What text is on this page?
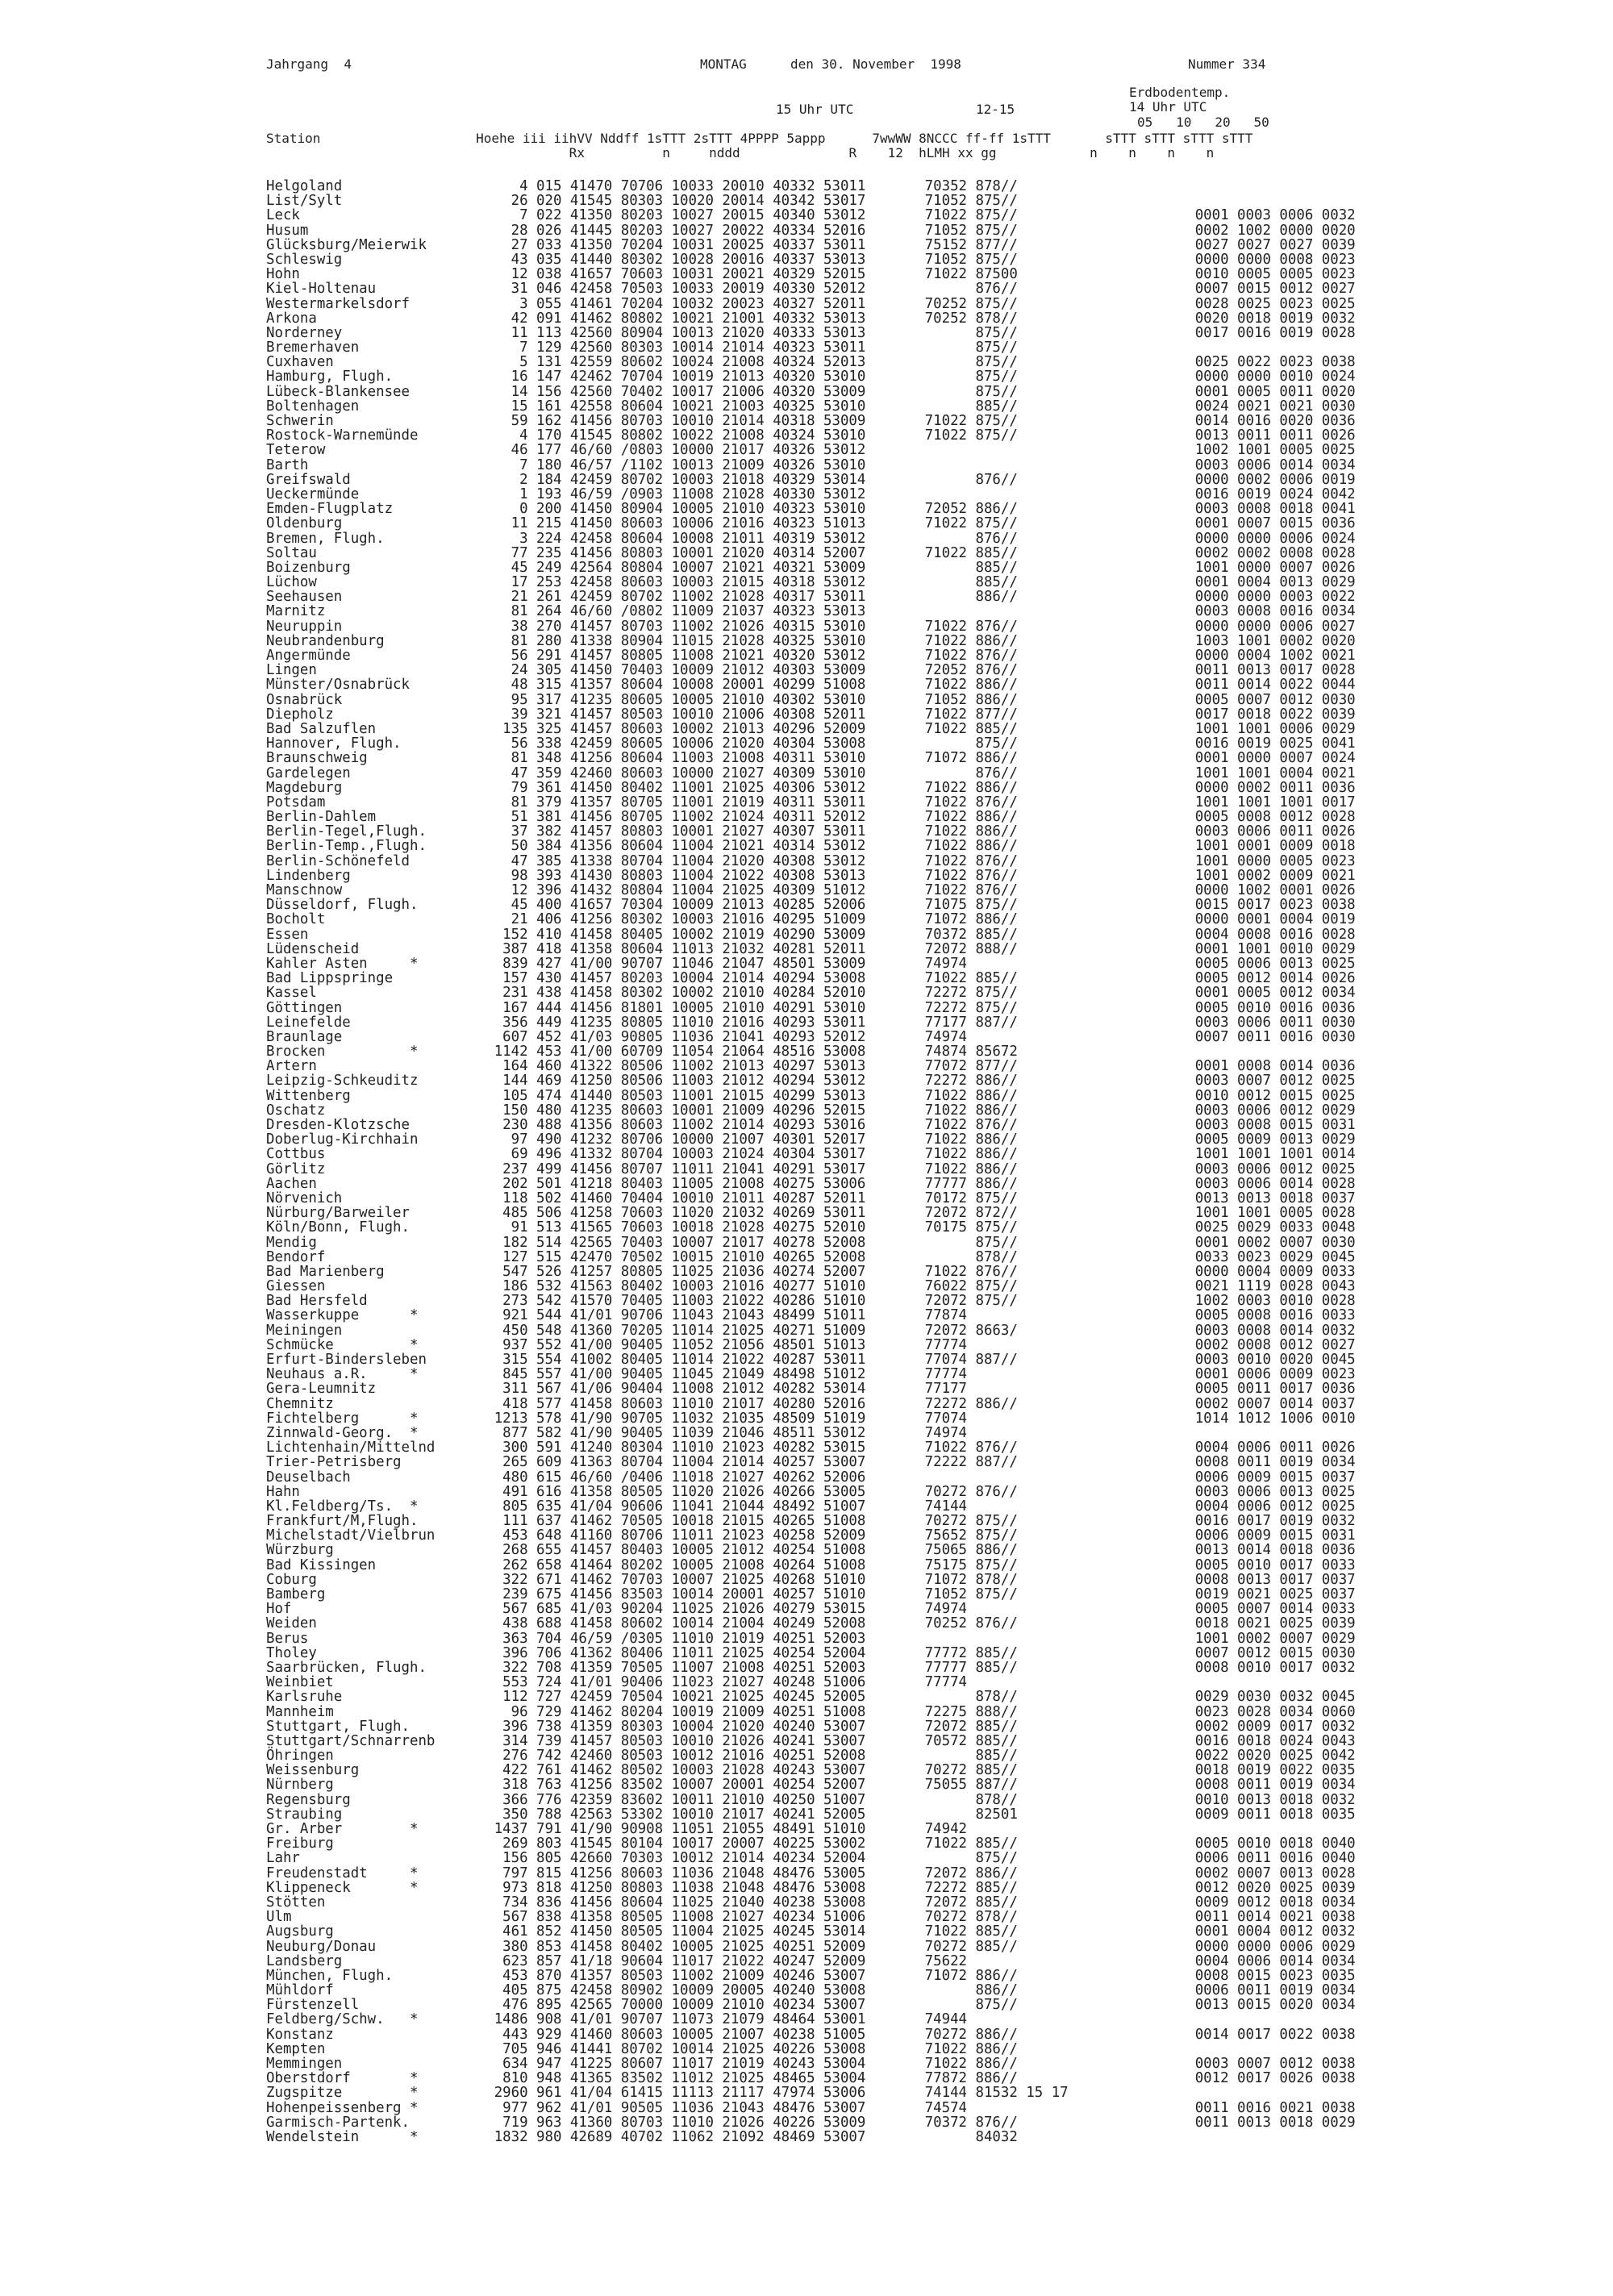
Jahrgang  4	MONTAG	den 30. November  1998	Nummer 334
Erdbodentemp.
15 Uhr UTC	12-15	14 Uhr UTC
05   10   20   50
Station                    Hoehe iii iihVV Nddff 1sTTT 2sTTT 4PPPP 5appp      7wwWW 8NCCC ff-ff 1sTTT       sTTT sTTT sTTT sTTT
Rx          n     nddd              R    12  hLMH xx gg            n    n    n    n
Helgoland                     4 015 41470 70706 10033 20010 40332 53011       70352 878//
List/Sylt                    26 020 41545 80303 10020 20014 40342 53017       71052 875//
Leck                          7 022 41350 80203 10027 20015 40340 53012       71022 875//                     0001 0003 0006 0032
Husum                        28 026 41445 80203 10027 20022 40334 52016       71052 875//                     0002 1002 0000 0020
Glücksburg/Meierwik          27 033 41350 70204 10031 20025 40337 53011       75152 877//                     0027 0027 0027 0039
Schleswig                    43 035 41440 80302 10028 20016 40337 53013       71052 875//                     0000 0000 0008 0023
Hohn                         12 038 41657 70603 10031 20021 40329 52015       71022 87500                     0010 0005 0005 0023
Kiel-Holtenau                31 046 42458 70503 10033 20019 40330 52012             876//                     0007 0015 0012 0027
Westermarkelsdorf             3 055 41461 70204 10032 20023 40327 52011       70252 875//                     0028 0025 0023 0025
Arkona                       42 091 41462 80802 10021 21001 40332 53013       70252 878//                     0020 0018 0019 0032
Norderney                    11 113 42560 80904 10013 21020 40333 53013             875//                     0017 0016 0019 0028
Bremerhaven                   7 129 42560 80303 10014 21014 40323 53011             875//
Cuxhaven                      5 131 42559 80602 10024 21008 40324 52013             875//                     0025 0022 0023 0038
Hamburg, Flugh.              16 147 42462 70704 10019 21013 40320 53010             875//                     0000 0000 0010 0024
Lübeck-Blankensee            14 156 42560 70402 10017 21006 40320 53009             875//                     0001 0005 0011 0020
Boltenhagen                  15 161 42558 80604 10021 21003 40325 53010             885//                     0024 0021 0021 0030
Schwerin                     59 162 41456 80703 10010 21014 40318 53009       71022 875//                     0014 0016 0020 0036
Rostock-Warnemünde            4 170 41545 80802 10022 21008 40324 53010       71022 875//                     0013 0011 0011 0026
Teterow                      46 177 46/60 /0803 10000 21017 40326 53012                                       1002 1001 0005 0025
Barth                         7 180 46/57 /1102 10013 21009 40326 53010                                       0003 0006 0014 0034
Greifswald                    2 184 42459 80702 10003 21018 40329 53014             876//                     0000 0002 0006 0019
Ueckermünde                   1 193 46/59 /0903 11008 21028 40330 53012                                       0016 0019 0024 0042
Emden-Flugplatz               0 200 41450 80904 10005 21010 40323 53010       72052 886//                     0003 0008 0018 0041
Oldenburg                    11 215 41450 80603 10006 21016 40323 51013       71022 875//                     0001 0007 0015 0036
Bremen, Flugh.                3 224 42458 80604 10008 21011 40319 53012             876//                     0000 0000 0006 0024
Soltau                       77 235 41456 80803 10001 21020 40314 52007       71022 885//                     0002 0002 0008 0028
Boizenburg                   45 249 42564 80804 10007 21021 40321 53009             885//                     1001 0000 0007 0026
Lüchow                       17 253 42458 80603 10003 21015 40318 53012             885//                     0001 0004 0013 0029
Seehausen                    21 261 42459 80702 11002 21028 40317 53011             886//                     0000 0000 0003 0022
Marnitz                      81 264 46/60 /0802 11009 21037 40323 53013                                       0003 0008 0016 0034
Neuruppin                    38 270 41457 80703 11002 21026 40315 53010       71022 876//                     0000 0000 0006 0027
Neubrandenburg               81 280 41338 80904 11015 21028 40325 53010       71022 886//                     1003 1001 0002 0020
Angermünde                   56 291 41457 80805 11008 21021 40320 53012       71022 876//                     0000 0004 1002 0021
Lingen                       24 305 41450 70403 10009 21012 40303 53009       72052 876//                     0011 0013 0017 0028
Münster/Osnabrück            48 315 41357 80604 10008 20001 40299 51008       71022 886//                     0011 0014 0022 0044
Osnabrück                    95 317 41235 80605 10005 21010 40302 53010       71052 886//                     0005 0007 0012 0030
Diepholz                     39 321 41457 80503 10010 21006 40308 52011       71022 877//                     0017 0018 0022 0039
Bad Salzuflen               135 325 41457 80603 10002 21013 40296 52009       71022 885//                     1001 1001 0006 0029
Hannover, Flugh.             56 338 42459 80605 10006 21020 40304 53008             875//                     0016 0019 0025 0041
Braunschweig                 81 348 41256 80604 11003 21008 40311 53010       71072 886//                     0001 0000 0007 0024
Gardelegen                   47 359 42460 80603 10000 21027 40309 53010             876//                     1001 1001 0004 0021
Magdeburg                    79 361 41450 80402 11001 21025 40306 53012       71022 886//                     0000 0002 0011 0036
Potsdam                      81 379 41357 80705 11001 21019 40311 53011       71022 876//                     1001 1001 1001 0017
Berlin-Dahlem                51 381 41456 80705 11002 21024 40311 52012       71022 886//                     0005 0008 0012 0028
Berlin-Tegel,Flugh.          37 382 41457 80803 10001 21027 40307 53011       71022 886//                     0003 0006 0011 0026
Berlin-Temp.,Flugh.          50 384 41356 80604 11004 21021 40314 53012       71022 886//                     1001 0001 0009 0018
Berlin-Schönefeld            47 385 41338 80704 11004 21020 40308 53012       71022 876//                     1001 0000 0005 0023
Lindenberg                   98 393 41430 80803 11004 21022 40308 53013       71022 876//                     1001 0002 0009 0021
Manschnow                    12 396 41432 80804 11004 21025 40309 51012       71022 876//                     0000 1002 0001 0026
Düsseldorf, Flugh.           45 400 41657 70304 10009 21013 40285 52006       71075 875//                     0015 0017 0023 0038
Bocholt                      21 406 41256 80302 10003 21016 40295 51009       71072 886//                     0000 0001 0004 0019
Essen                       152 410 41458 80405 10002 21019 40290 53009       70372 885//                     0004 0008 0016 0028
Lüdenscheid                 387 418 41358 80604 11013 21032 40281 52011       72072 888//                     0001 1001 0010 0029
Kahler Asten     *          839 427 41/00 90707 11046 21047 48501 53009       74974                           0005 0006 0013 0025
Bad Lippspringe             157 430 41457 80203 10004 21014 40294 53008       71022 885//                     0005 0012 0014 0026
Kassel                      231 438 41458 80302 10002 21010 40284 52010       72272 875//                     0001 0005 0012 0034
Göttingen                   167 444 41456 81801 10005 21010 40291 53010       72272 875//                     0005 0010 0016 0036
Leinefelde                  356 449 41235 80805 11010 21016 40293 53011       77177 887//                     0003 0006 0011 0030
Braunlage                   607 452 41/03 90805 11036 21041 40293 52012       74974                           0007 0011 0016 0030
Brocken          *         1142 453 41/00 60709 11054 21064 48516 53008       74874 85672
Artern                      164 460 41322 80506 11002 21013 40297 53013       77072 877//                     0001 0008 0014 0036
Leipzig-Schkeuditz          144 469 41250 80506 11003 21012 40294 53012       72272 886//                     0003 0007 0012 0025
Wittenberg                  105 474 41440 80503 11001 21015 40299 53013       71022 886//                     0010 0012 0015 0025
Oschatz                     150 480 41235 80603 10001 21009 40296 52015       71022 886//                     0003 0006 0012 0029
Dresden-Klotzsche           230 488 41356 80603 11002 21014 40293 53016       71022 876//                     0003 0008 0015 0031
Doberlug-Kirchhain           97 490 41232 80706 10000 21007 40301 52017       71022 886//                     0005 0009 0013 0029
Cottbus                      69 496 41332 80704 10003 21024 40304 53017       71022 886//                     1001 1001 1001 0014
Görlitz                     237 499 41456 80707 11011 21041 40291 53017       71022 886//                     0003 0006 0012 0025
Aachen                      202 501 41218 80403 11005 21008 40275 53006       77777 886//                     0003 0006 0014 0028
Nörvenich                   118 502 41460 70404 10010 21011 40287 52011       70172 875//                     0013 0013 0018 0037
Nürburg/Barweiler           485 506 41258 70603 11020 21032 40269 53011       72072 872//                     1001 1001 0005 0028
Köln/Bonn, Flugh.            91 513 41565 70603 10018 21028 40275 52010       70175 875//                     0025 0029 0033 0048
Mendig                      182 514 42565 70403 10007 21017 40278 52008             875//                     0001 0002 0007 0030
Bendorf                     127 515 42470 70502 10015 21010 40265 52008             878//                     0033 0023 0029 0045
Bad Marienberg              547 526 41257 80805 11025 21036 40274 52007       71022 876//                     0000 0004 0009 0033
Giessen                     186 532 41563 80402 10003 21016 40277 51010       76022 875//                     0021 1119 0028 0043
Bad Hersfeld                273 542 41570 70405 11003 21022 40286 51010       72072 875//                     1002 0003 0010 0028
Wasserkuppe      *          921 544 41/01 90706 11043 21043 48499 51011       77874                           0005 0008 0016 0033
Meiningen                   450 548 41360 70205 11014 21025 40271 51009       72072 8663/                     0003 0008 0014 0032
Schmücke         *          937 552 41/00 90405 11052 21056 48501 51013       77774                           0002 0008 0012 0027
Erfurt-Bindersleben         315 554 41002 80405 11014 21022 40287 53011       77074 887//                     0003 0010 0020 0045
Neuhaus a.R.     *          845 557 41/00 90405 11045 21049 48498 51012       77774                           0001 0006 0009 0023
Gera-Leumnitz               311 567 41/06 90404 11008 21012 40282 53014       77177                           0005 0011 0017 0036
Chemnitz                    418 577 41458 80603 11010 21017 40280 52016       72272 886//                     0002 0007 0014 0037
Fichtelberg      *         1213 578 41/90 90705 11032 21035 48509 51019       77074                           1014 1012 1006 0010
Zinnwald-Georg.  *          877 582 41/90 90405 11039 21046 48511 53012       74974
Lichtenhain/Mittelnd        300 591 41240 80304 11010 21023 40282 53015       71022 876//                     0004 0006 0011 0026
Trier-Petrisberg            265 609 41363 80704 11004 21014 40257 53007       72222 887//                     0008 0011 0019 0034
Deuselbach                  480 615 46/60 /0406 11018 21027 40262 52006                                       0006 0009 0015 0037
Hahn                        491 616 41358 80505 11020 21026 40266 53005       70272 876//                     0003 0006 0013 0025
Kl.Feldberg/Ts.  *          805 635 41/04 90606 11041 21044 48492 51007       74144                           0004 0006 0012 0025
Frankfurt/M,Flugh.          111 637 41462 70505 10018 21015 40265 51008       70272 875//                     0016 0017 0019 0032
Michelstadt/Vielbrun        453 648 41160 80706 11011 21023 40258 52009       75652 875//                     0006 0009 0015 0031
Würzburg                    268 655 41457 80403 10005 21012 40254 51008       75065 886//                     0013 0014 0018 0036
Bad Kissingen               262 658 41464 80202 10005 21008 40264 51008       75175 875//                     0005 0010 0017 0033
Coburg                      322 671 41462 70703 10007 21025 40268 51010       71072 878//                     0008 0013 0017 0037
Bamberg                     239 675 41456 83503 10014 20001 40257 51010       71052 875//                     0019 0021 0025 0037
Hof                         567 685 41/03 90204 11025 21026 40279 53015       74974                           0005 0007 0014 0033
Weiden                      438 688 41458 80602 10014 21004 40249 52008       70252 876//                     0018 0021 0025 0039
Berus                       363 704 46/59 /0305 11010 21019 40251 52003                                       1001 0002 0007 0029
Tholey                      396 706 41362 80406 11011 21025 40254 52004       77772 885//                     0007 0012 0015 0030
Saarbrücken, Flugh.         322 708 41359 70505 11007 21008 40251 52003       77777 885//                     0008 0010 0017 0032
Weinbiet                    553 724 41/01 90406 11023 21027 40248 51006       77774
Karlsruhe                   112 727 42459 70504 10021 21025 40245 52005             878//                     0029 0030 0032 0045
Mannheim                     96 729 41462 80204 10019 21009 40251 51008       72275 888//                     0023 0028 0034 0060
Stuttgart, Flugh.           396 738 41359 80303 10004 21020 40240 53007       72072 885//                     0002 0009 0017 0032
Stuttgart/Schnarrenb        314 739 41457 80503 10010 21026 40241 53007       70572 885//                     0016 0018 0024 0043
Öhringen                    276 742 42460 80503 10012 21016 40251 52008             885//                     0022 0020 0025 0042
Weissenburg                 422 761 41462 80502 10003 21028 40243 53007       70272 885//                     0018 0019 0022 0035
Nürnberg                    318 763 41256 83502 10007 20001 40254 52007       75055 887//                     0008 0011 0019 0034
Regensburg                  366 776 42359 83602 10011 21010 40250 51007             878//                     0010 0013 0018 0032
Straubing                   350 788 42563 53302 10010 21017 40241 52005             82501                     0009 0011 0018 0035
Gr. Arber        *         1437 791 41/90 90908 11051 21055 48491 51010       74942
Freiburg                    269 803 41545 80104 10017 20007 40225 53002       71022 885//                     0005 0010 0018 0040
Lahr                        156 805 42660 70303 10012 21014 40234 52004             875//                     0006 0011 0016 0040
Freudenstadt     *          797 815 41256 80603 11036 21048 48476 53005       72072 886//                     0002 0007 0013 0028
Klippeneck       *          973 818 41250 80803 11038 21048 48476 53008       72272 885//                     0012 0020 0025 0039
Stötten                     734 836 41456 80604 11025 21040 40238 53008       72072 885//                     0009 0012 0018 0034
Ulm                         567 838 41358 80505 11008 21027 40234 51006       70272 878//                     0011 0014 0021 0038
Augsburg                    461 852 41450 80505 11004 21025 40245 53014       71022 885//                     0001 0004 0012 0032
Neuburg/Donau               380 853 41458 80402 10005 21025 40251 52009       70272 885//                     0000 0000 0006 0029
Landsberg                   623 857 41/18 90604 11017 21022 40247 52009       75622                           0004 0006 0014 0034
München, Flugh.             453 870 41357 80503 11002 21009 40246 53007       71072 886//                     0008 0015 0023 0035
Mühldorf                    405 875 42458 80902 10009 20005 40240 53008             886//                     0006 0011 0019 0034
Fürstenzell                 476 895 42565 70000 10009 21010 40234 53007             875//                     0013 0015 0020 0034
Feldberg/Schw.   *         1486 908 41/01 90707 11073 21079 48464 53001       74944
Konstanz                    443 929 41460 80603 10005 21007 40238 51005       70272 886//                     0014 0017 0022 0038
Kempten                     705 946 41441 80702 10014 21025 40226 53008       71022 886//
Memmingen                   634 947 41225 80607 11017 21019 40243 53004       71022 886//                     0003 0007 0012 0038
Oberstdorf       *          810 948 41365 83502 11012 21025 48465 53004       77872 886//                     0012 0017 0026 0038
Zugspitze        *         2960 961 41/04 61415 11113 21117 47974 53006       74144 81532 15 17
Hohenpeissenberg *          977 962 41/01 90505 11036 21043 48476 53007       74574                           0011 0016 0021 0038
Garmisch-Partenk.           719 963 41360 80703 11010 21026 40226 53009       70372 876//                     0011 0013 0018 0029
Wendelstein      *         1832 980 42689 40702 11062 21092 48469 53007             84032
